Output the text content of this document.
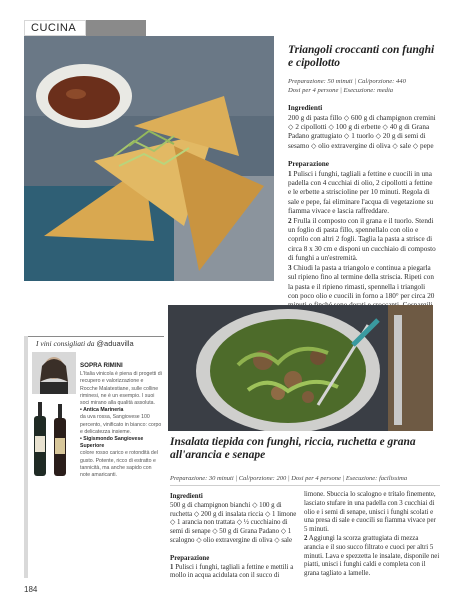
CUCINA
Triangoli croccanti con funghi e cipollotto
Preparazione: 50 minuti | Cal/porzione: 440
Dosi per 4 persone | Esecuzione: media
Ingredienti

200 g di pasta fillo ◇ 600 g di champignon cremini ◇ 2 cipollotti ◇ 100 g di erbette ◇ 40 g di Grana Padano grattugiato ◇ 1 tuorlo ◇ 20 g di semi di sesamo ◇ olio extravergine di oliva ◇ sale ◇ pepe

Preparazione

1 Pulisci i funghi, tagliali a fettine e cuocili in una padella con 4 cucchiai di olio, 2 cipollotti a fettine e le erbette a striscioline per 10 minuti. Regola di sale e pepe, fai eliminare l'acqua di vegetazione su fiamma vivace e lascia raffreddare.

2 Frulla il composto con il grana e il tuorlo. Stendi un foglio di pasta fillo, spennellalo con olio e coprilo con altri 2 fogli. Taglia la pasta a strisce di circa 8 x 30 cm e disponi un cucchiaio di composto di funghi a un'estremità.

3 Chiudi la pasta a triangolo e continua a piegarla sul ripieno fino al termine della striscia. Ripeti con la pasta e il ripieno rimasti, spennella i triangoli con poco olio e cuocili in forno a 180° per circa 20

I vini consigliati da @aduavilla
SOPRA RIMINI
L'Italia vinicola è piena di progetti di recupero e valorizzazione e Rocche Malatestiane, sulle colline riminesi, ne è un esempio. I suoi soci mirano alla qualità assoluta.
• Antica Marineria
da uva rossa, Sangiovese 100 percento, vinificato in bianco: corpo e delicatezza insieme.
• Sigismondo Sangiovese Superiore
colore rosso carico e rotondità del gusto. Potente, ricco di estratto e tannicità, ma anche sapido con note amaricanti.
Insalata tiepida con funghi, riccia, ruchetta e grana all'arancia e senape
Preparazione: 30 minuti | Cal/porzione: 200 | Dosi per 4 persone | Esecuzione: facilissima
Ingredienti

500 g di champignon bianchi ◇ 100 g di ruchetta ◇ 200 g di insalata riccia ◇ 1 limone ◇ 1 arancia non trattata ◇ ½ cucchiaino di semi di senape ◇ 50 g di Grana Padano ◇ 1 scalogno ◇ olio extravergine di oliva ◇ sale

Preparazione

1 Pulisci i funghi, tagliali a fettine e mettili a mollo in acqua acidulata con il succo di

limone. Sbuccia lo scalogno e trítalo finemente, lasciato stufare in una padella con 3 cucchiai di olio e i semi di senape, unisci i funghi scolati e una presa di sale e cuocili su fiamma vivace per 5 minuti.

2 Aggiungi la scorza grattugiata di mezza arancia e il suo succo filtrato e cuoci per altri 5 minuti. Lava e spezzetta le insalate, disponile nei piatti, unisci i funghi caldi e completa con il grana tagliato a lamelle.

184
